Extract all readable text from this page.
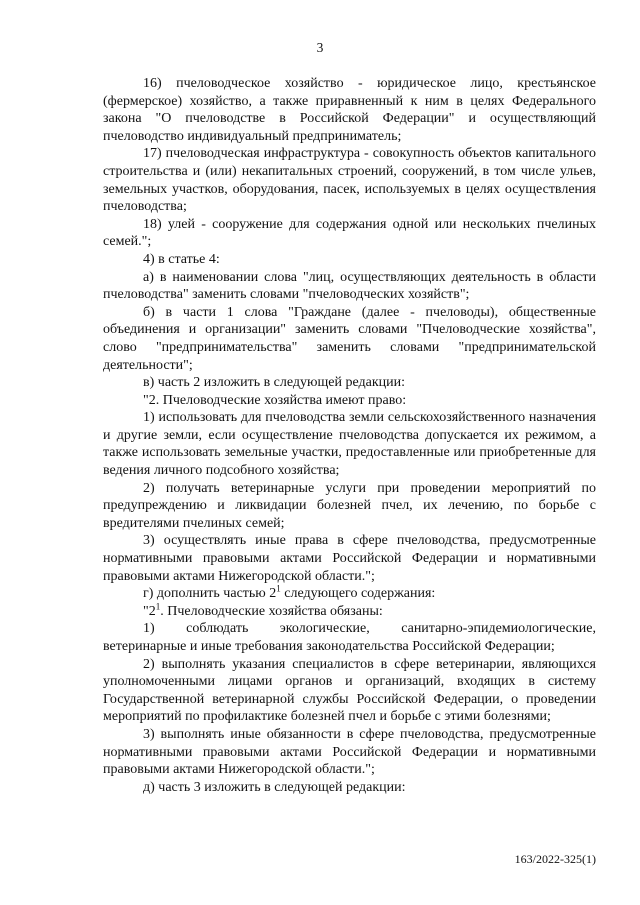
3

16) пчеловодческое хозяйство - юридическое лицо, крестьянское (фермерское) хозяйство, а также приравненный к ним в целях Федерального закона "О пчеловодстве в Российской Федерации" и осуществляющий пчеловодство индивидуальный предприниматель;

17) пчеловодческая инфраструктура - совокупность объектов капитального строительства и (или) некапитальных строений, сооружений, в том числе ульев, земельных участков, оборудования, пасек, используемых в целях осуществления пчеловодства;

18) улей - сооружение для содержания одной или нескольких пчелиных семей.";

4) в статье 4:

а) в наименовании слова "лиц, осуществляющих деятельность в области пчеловодства" заменить словами "пчеловодческих хозяйств";

б) в части 1 слова "Граждане (далее - пчеловоды), общественные объединения и организации" заменить словами "Пчеловодческие хозяйства", слово "предпринимательства" заменить словами "предпринимательской деятельности";

в) часть 2 изложить в следующей редакции:

"2. Пчеловодческие хозяйства имеют право:

1) использовать для пчеловодства земли сельскохозяйственного назначения и другие земли, если осуществление пчеловодства допускается их режимом, а также использовать земельные участки, предоставленные или приобретенные для ведения личного подсобного хозяйства;

2) получать ветеринарные услуги при проведении мероприятий по предупреждению и ликвидации болезней пчел, их лечению, по борьбе с вредителями пчелиных семей;

3) осуществлять иные права в сфере пчеловодства, предусмотренные нормативными правовыми актами Российской Федерации и нормативными правовыми актами Нижегородской области.";

г) дополнить частью $2^1$ следующего содержания:

"$2^1$. Пчеловодческие хозяйства обязаны:

1) соблюдать экологические, санитарно-эпидемиологические, ветеринарные и иные требования законодательства Российской Федерации;

2) выполнять указания специалистов в сфере ветеринарии, являющихся уполномоченными лицами органов и организаций, входящих в систему Государственной ветеринарной службы Российской Федерации, о проведении мероприятий по профилактике болезней пчел и борьбе с этими болезнями;

3) выполнять иные обязанности в сфере пчеловодства, предусмотренные нормативными правовыми актами Российской Федерации и нормативными правовыми актами Нижегородской области.";

д) часть 3 изложить в следующей редакции:

163/2022-325(1)
